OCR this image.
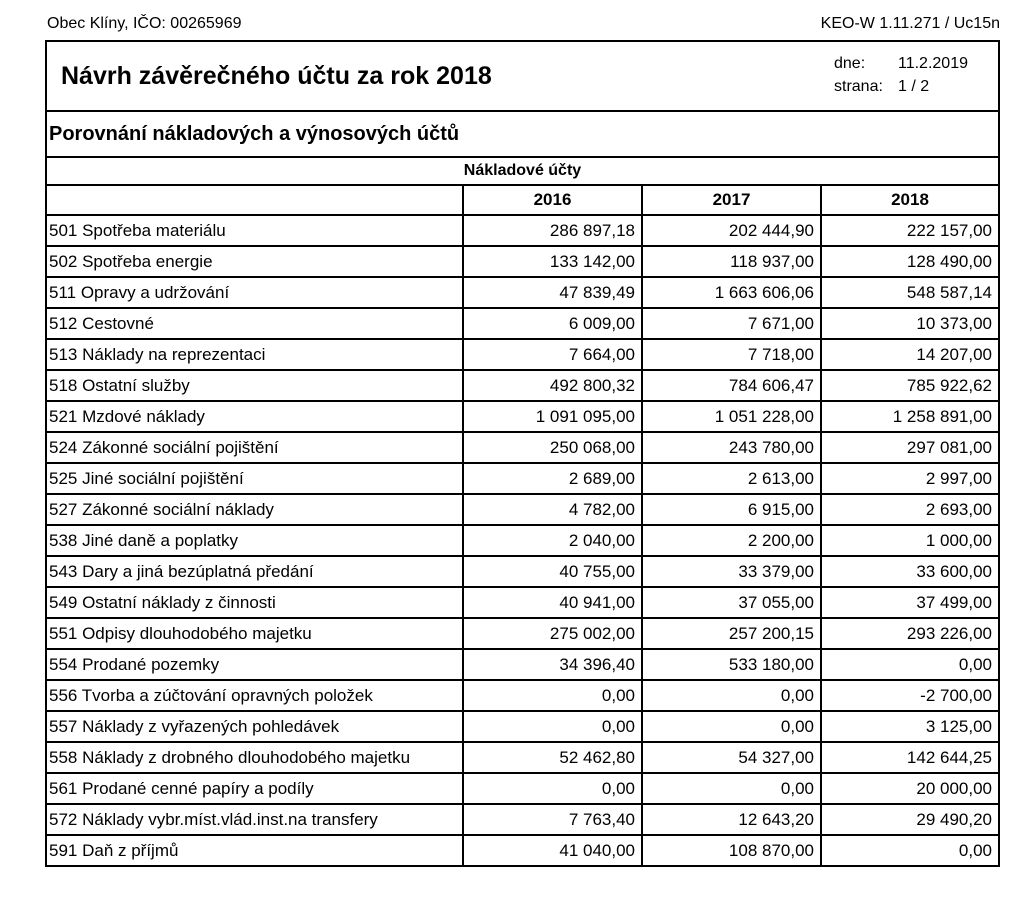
Obec Klíny, IČO: 00265969	KEO-W 1.11.271 / Uc15n
Návrh závěrečného účtu za rok 2018	dne:	11.2.2019
strana: 1 / 2
Porovnání nákladových a výnosových účtů
Nákladové účty
	2016	2017	2018
501 Spotřeba materiálu	286 897,18	202 444,90	222 157,00
502 Spotřeba energie	133 142,00	118 937,00	128 490,00
511 Opravy a udržování	47 839,49	1 663 606,06	548 587,14
512 Cestovné	6 009,00	7 671,00	10 373,00
513 Náklady na reprezentaci	7 664,00	7 718,00	14 207,00
518 Ostatní služby	492 800,32	784 606,47	785 922,62
521 Mzdové náklady	1 091 095,00	1 051 228,00	1 258 891,00
524 Zákonné sociální pojištění	250 068,00	243 780,00	297 081,00
525 Jiné sociální pojištění	2 689,00	2 613,00	2 997,00
527 Zákonné sociální náklady	4 782,00	6 915,00	2 693,00
538 Jiné daně a poplatky	2 040,00	2 200,00	1 000,00
543 Dary a jiná bezúplatná předání	40 755,00	33 379,00	33 600,00
549 Ostatní náklady z činnosti	40 941,00	37 055,00	37 499,00
551 Odpisy dlouhodobého majetku	275 002,00	257 200,15	293 226,00
554 Prodané pozemky	34 396,40	533 180,00	0,00
556 Tvorba a zúčtování opravných položek	0,00	0,00	-2 700,00
557 Náklady z vyřazených pohledávek	0,00	0,00	3 125,00
558 Náklady z drobného dlouhodobého majetku	52 462,80	54 327,00	142 644,25
561 Prodané cenné papíry a podíly	0,00	0,00	20 000,00
572 Náklady vybr.míst.vlád.inst.na transfery	7 763,40	12 643,20	29 490,20
591 Daň z příjmů	41 040,00	108 870,00	0,00
